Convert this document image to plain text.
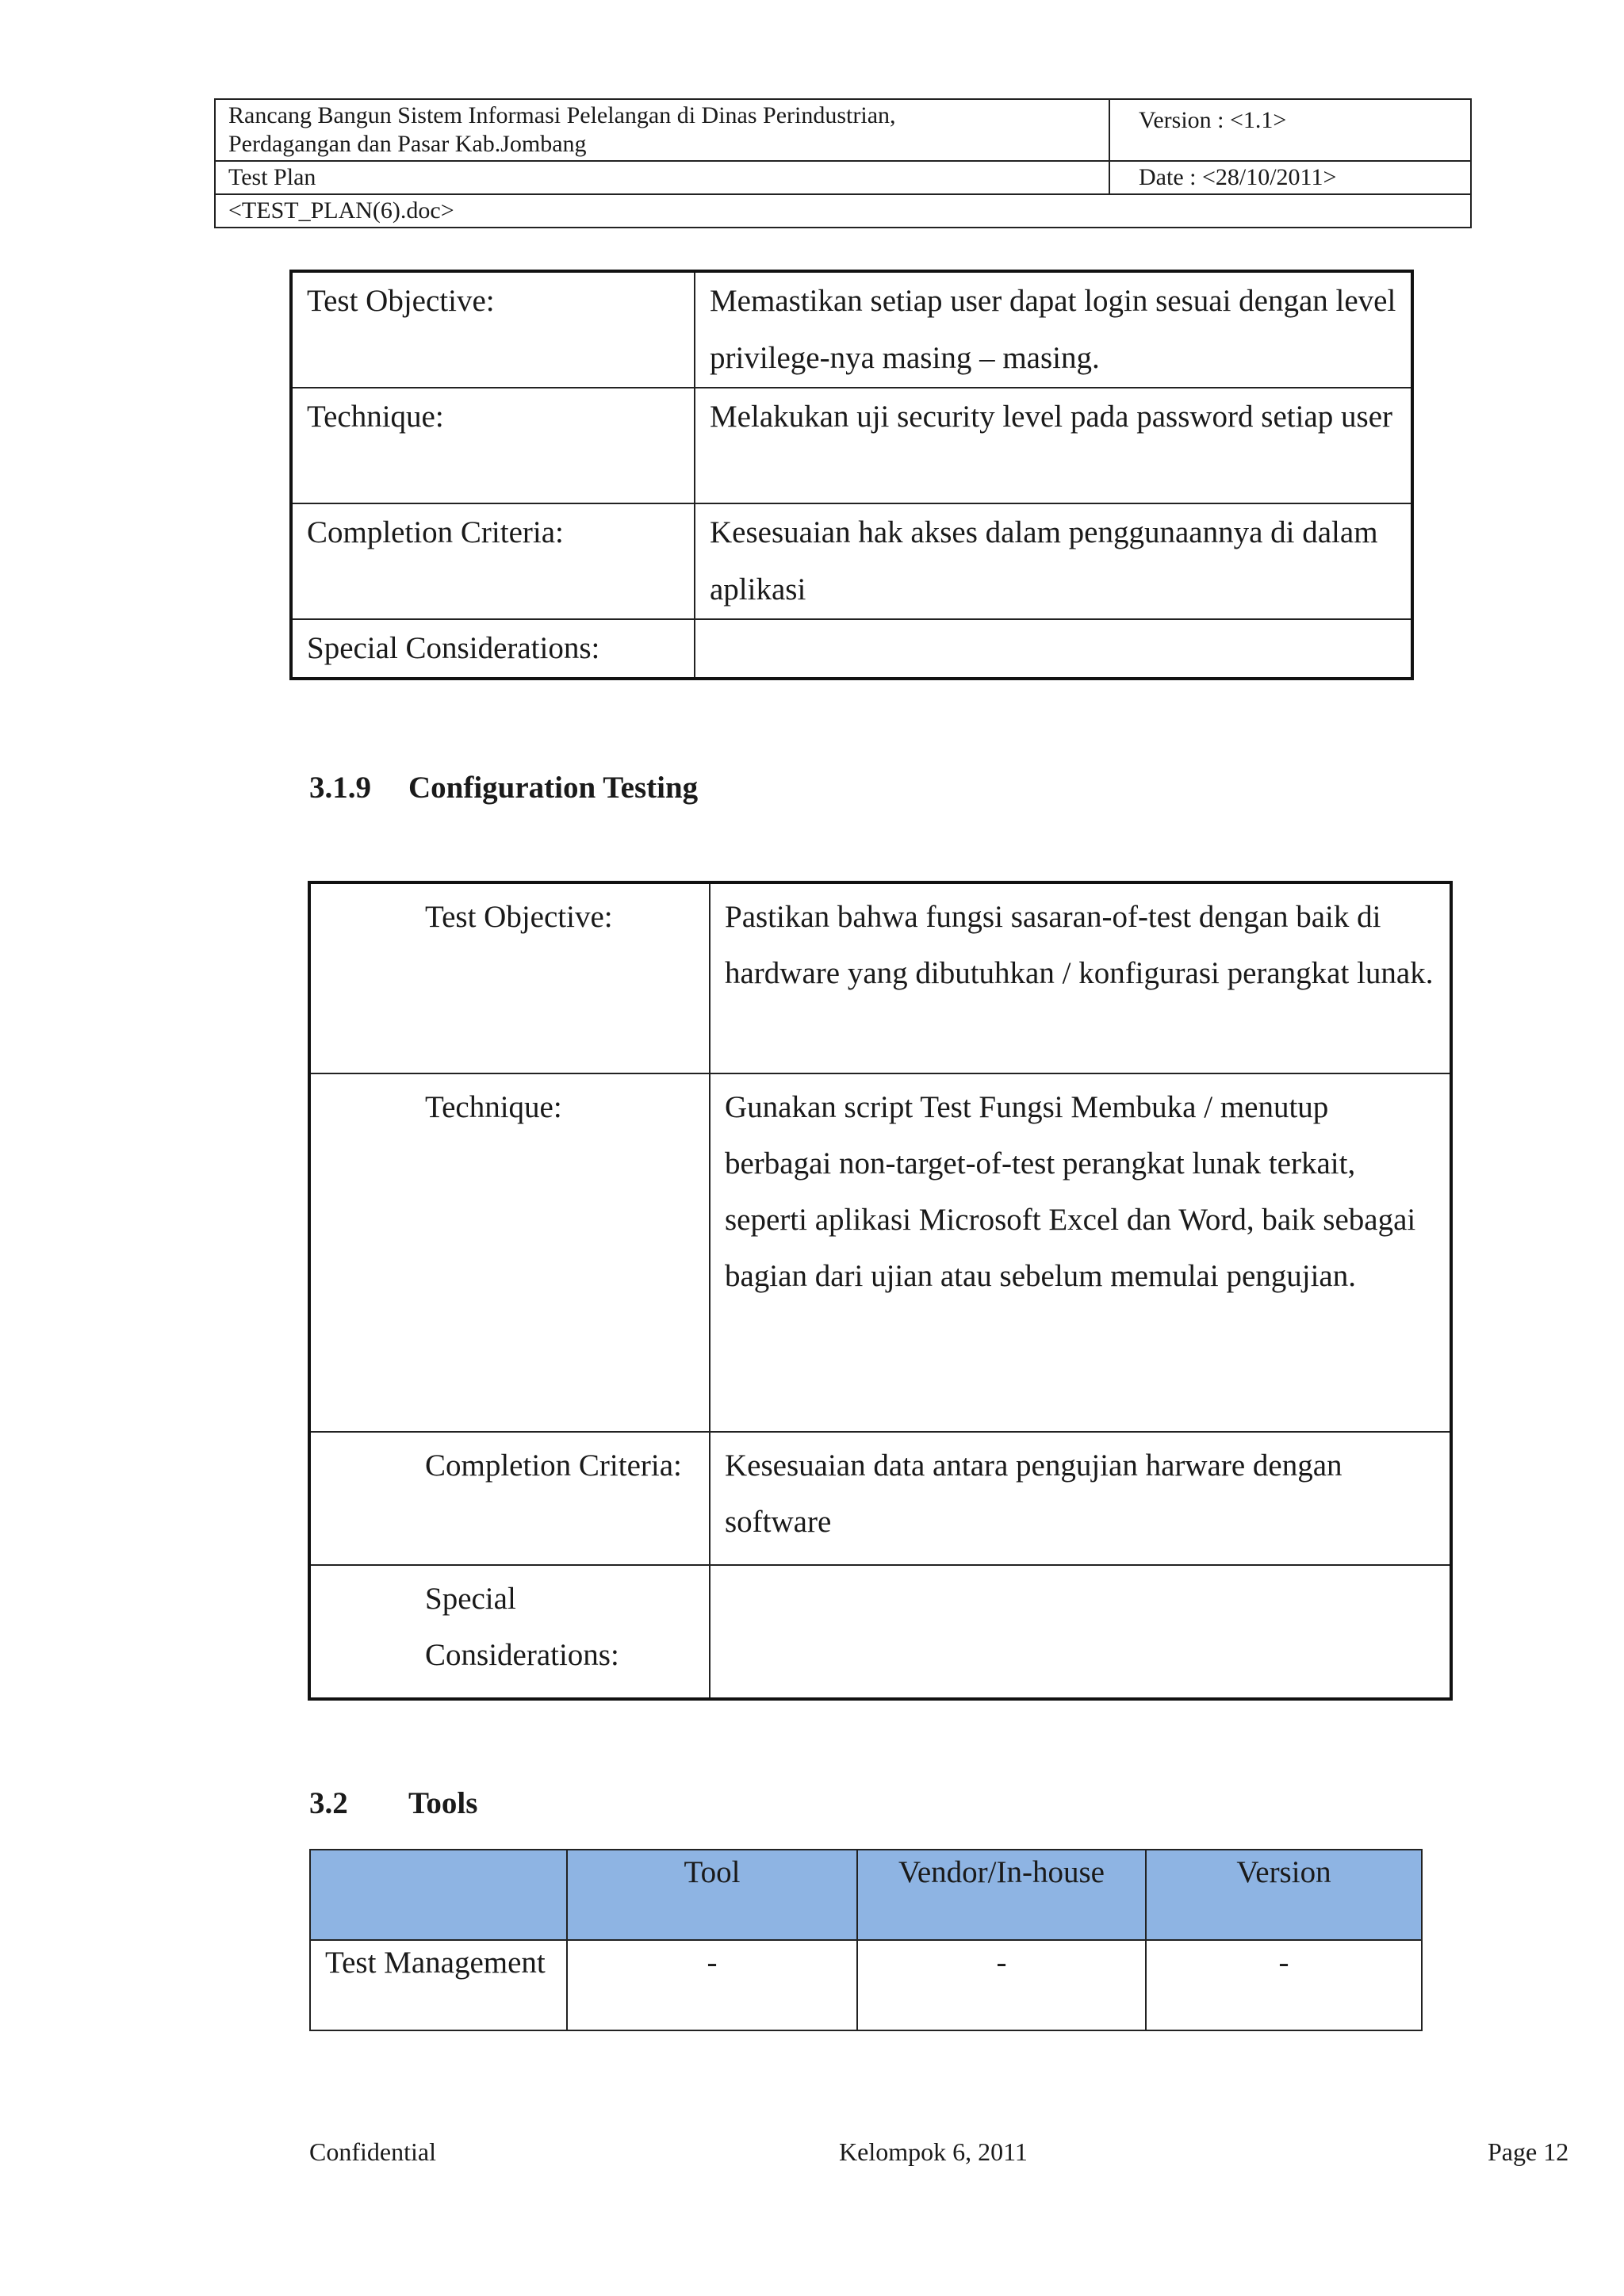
Rancang Bangun Sistem Informasi Pelelangan di Dinas Perindustrian,
Perdagangan dan Pasar Kab.Jombang	Version : <1.1>
Test Plan	Date : <28/10/2011>
<TEST_PLAN(6).doc>	
Test Objective:	Memastikan setiap user dapat login sesuai dengan level privilege-nya masing – masing.
Technique:	Melakukan uji security level pada password setiap user
Completion Criteria:	Kesesuaian hak akses dalam penggunaannya di dalam aplikasi
Special Considerations:	
3.1.9 Configuration Testing
Test Objective:	Pastikan bahwa fungsi sasaran-of-test dengan baik di hardware yang dibutuhkan / konfigurasi perangkat lunak.
Technique:	Gunakan script Test Fungsi Membuka / menutup berbagai non-target-of-test perangkat lunak terkait, seperti aplikasi Microsoft Excel dan Word, baik sebagai bagian dari ujian atau sebelum memulai pengujian.
Completion Criteria:	Kesesuaian data antara pengujian harware dengan software
Special Considerations:	
3.2 Tools
	Tool	Vendor/In-house	Version
Test Management	-	-	-
Confidential	Kelompok 6, 2011	Page 12
